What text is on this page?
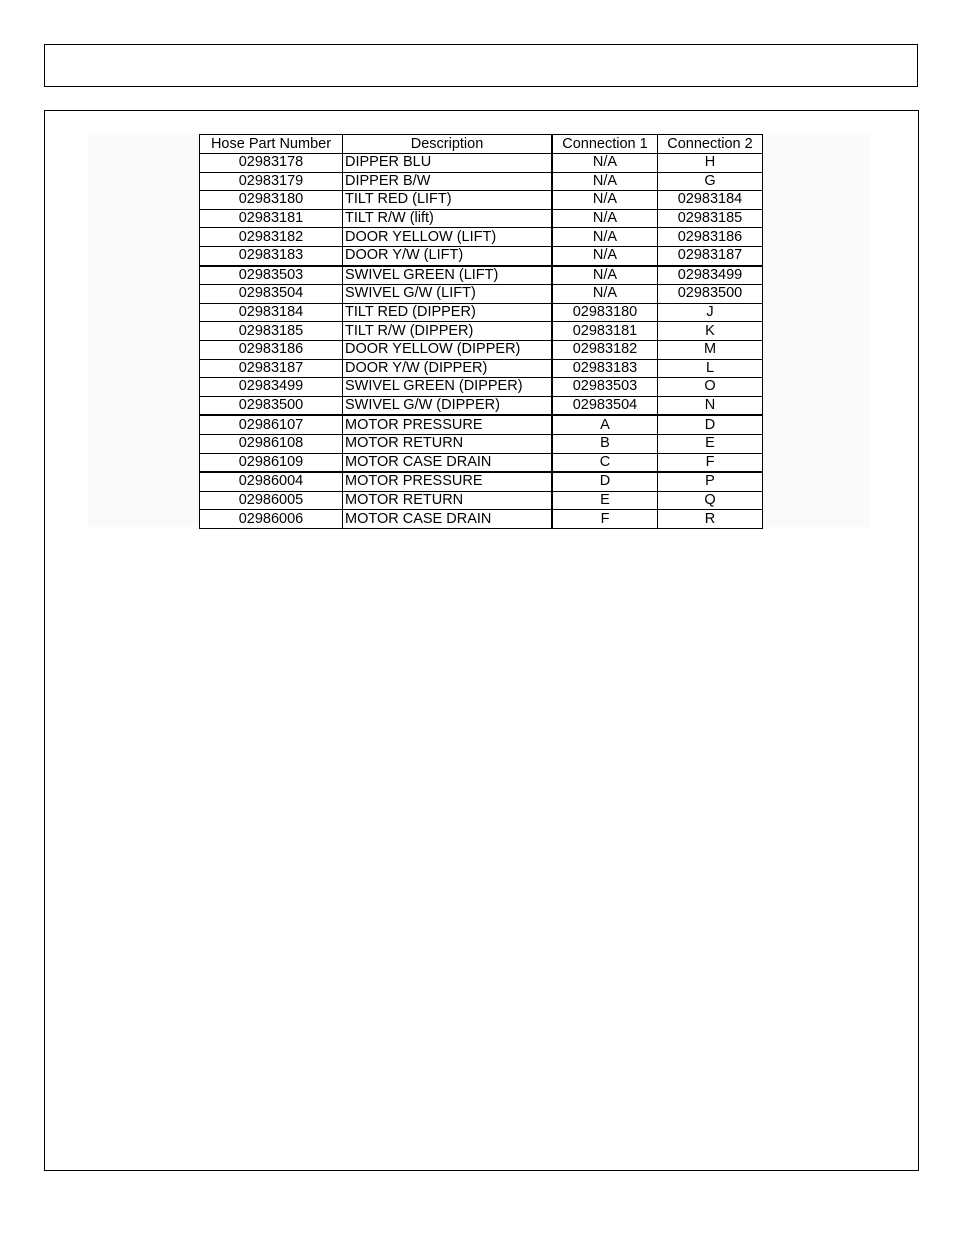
Hose Part Number	Description	Connection 1	Connection 2
02983178	DIPPER BLU	N/A	H
02983179	DIPPER B/W	N/A	G
02983180	TILT RED (LIFT)	N/A	02983184
02983181	TILT R/W (lift)	N/A	02983185
02983182	DOOR YELLOW (LIFT)	N/A	02983186
02983183	DOOR Y/W (LIFT)	N/A	02983187
02983503	SWIVEL GREEN (LIFT)	N/A	02983499
02983504	SWIVEL G/W (LIFT)	N/A	02983500
02983184	TILT RED (DIPPER)	02983180	J
02983185	TILT R/W (DIPPER)	02983181	K
02983186	DOOR YELLOW (DIPPER)	02983182	M
02983187	DOOR Y/W (DIPPER)	02983183	L
02983499	SWIVEL GREEN (DIPPER)	02983503	O
02983500	SWIVEL G/W (DIPPER)	02983504	N
02986107	MOTOR PRESSURE	A	D
02986108	MOTOR RETURN	B	E
02986109	MOTOR CASE DRAIN	C	F
02986004	MOTOR PRESSURE	D	P
02986005	MOTOR RETURN	E	Q
02986006	MOTOR CASE DRAIN	F	R
